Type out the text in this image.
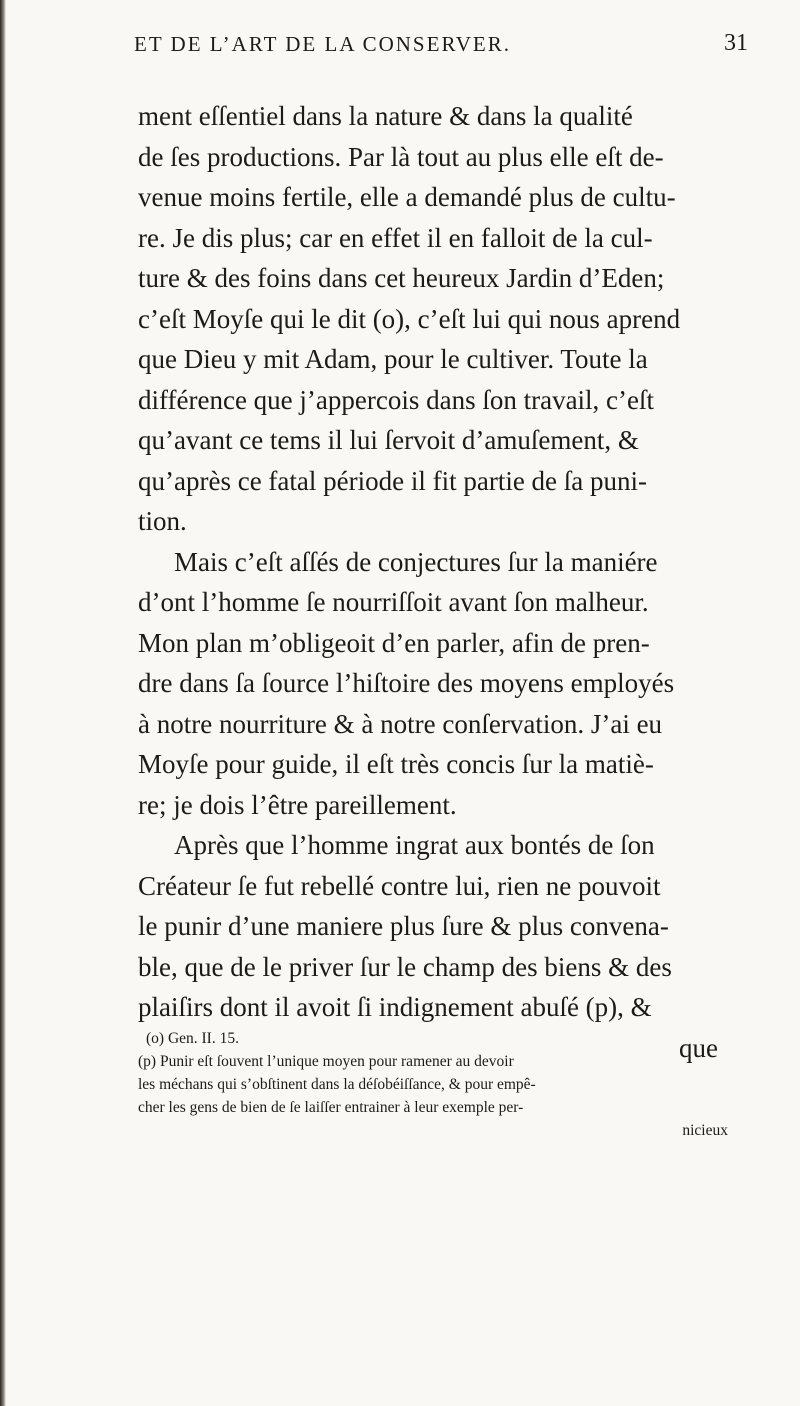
ET DE L’ART DE LA CONSERVER.	31
ment eſſentiel dans la nature & dans la qualité
de ſes productions. Par là tout au plus elle eſt de-
venue moins fertile, elle a demandé plus de cultu-
re. Je dis plus; car en effet il en falloit de la cul-
ture & des foins dans cet heureux Jardin d’Eden;
c’eſt Moyſe qui le dit (o), c’eſt lui qui nous aprend
que Dieu y mit Adam, pour le cultiver. Toute la
différence que j’appercois dans ſon travail, c’eſt
qu’avant ce tems il lui ſervoit d’amuſement, &
qu’après ce fatal période il fit partie de ſa puni-
tion.
Mais c’eſt aſſés de conjectures ſur la maniére
d’ont l’homme ſe nourriſſoit avant ſon malheur.
Mon plan m’obligeoit d’en parler, afin de pren-
dre dans ſa ſource l’hiſtoire des moyens employés
à notre nourriture & à notre conſervation. J’ai eu
Moyſe pour guide, il eſt très concis ſur la matiè-
re; je dois l’être pareillement.
Après que l’homme ingrat aux bontés de ſon
Créateur ſe fut rebellé contre lui, rien ne pouvoit
le punir d’une maniere plus ſure & plus convena-
ble, que de le priver ſur le champ des biens & des
plaiſirs dont il avoit ſi indignement abuſé (p), &
que
(o) Gen. II. 15.
(p) Punir eſt ſouvent l’unique moyen pour ramener au devoir
les méchans qui s’obſtinent dans la déſobéiſſance, & pour empê-
cher les gens de bien de ſe laiſſer entrainer à leur exemple per-
nicieux
